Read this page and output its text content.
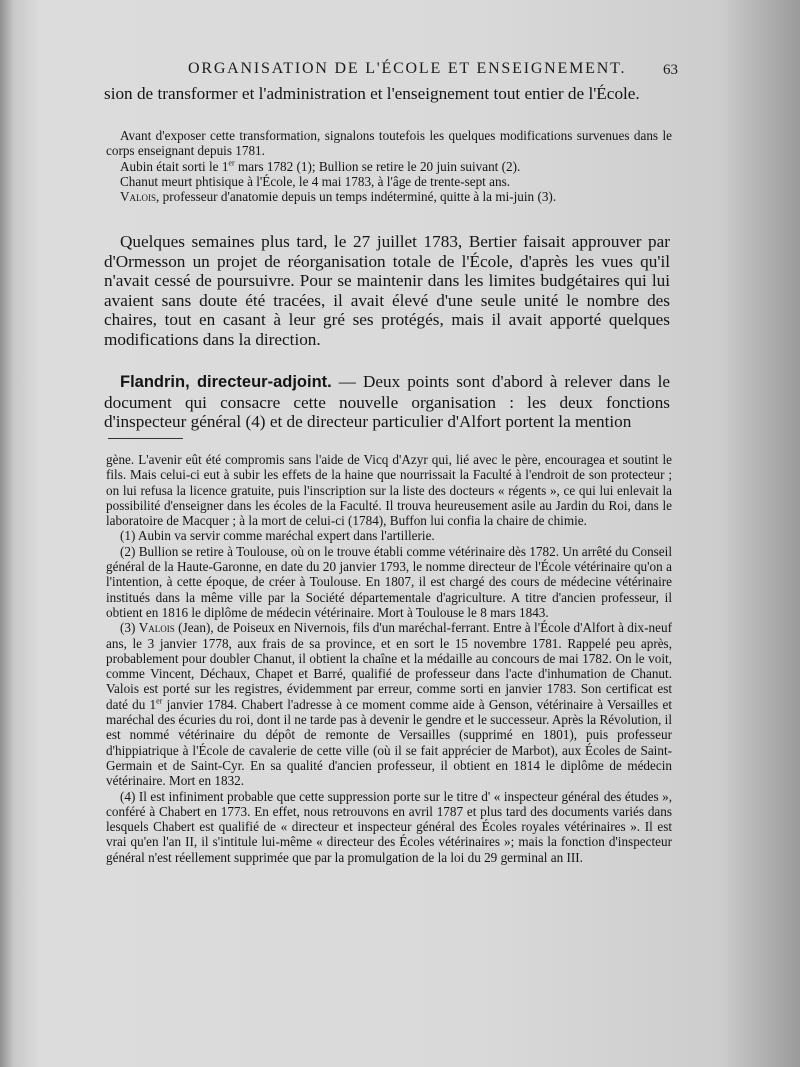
ORGANISATION DE L'ÉCOLE ET ENSEIGNEMENT. 63

sion de transformer et l'administration et l'enseignement tout entier de l'École.

Avant d'exposer cette transformation, signalons toutefois les quelques modifications survenues dans le corps enseignant depuis 1781.

Aubin était sorti le 1er mars 1782 (1); Bullion se retire le 20 juin suivant (2).

Chanut meurt phtisique à l'École, le 4 mai 1783, à l'âge de trente-sept ans.

Valois, professeur d'anatomie depuis un temps indéterminé, quitte à la mi-juin (3).

Quelques semaines plus tard, le 27 juillet 1783, Bertier faisait approuver par d'Ormesson un projet de réorganisation totale de l'École, d'après les vues qu'il n'avait cessé de poursuivre. Pour se maintenir dans les limites budgétaires qui lui avaient sans doute été tracées, il avait élevé d'une seule unité le nombre des chaires, tout en casant à leur gré ses protégés, mais il avait apporté quelques modifications dans la direction.

Flandrin, directeur-adjoint. — Deux points sont d'abord à relever dans le document qui consacre cette nouvelle organisation : les deux fonctions d'inspecteur général (4) et de directeur particulier d'Alfort portent la mention

gène. L'avenir eût été compromis sans l'aide de Vicq d'Azyr qui, lié avec le père, encouragea et soutint le fils. Mais celui-ci eut à subir les effets de la haine que nourrissait la Faculté à l'endroit de son protecteur ; on lui refusa la licence gratuite, puis l'inscription sur la liste des docteurs « régents », ce qui lui enlevait la possibilité d'enseigner dans les écoles de la Faculté. Il trouva heureusement asile au Jardin du Roi, dans le laboratoire de Macquer ; à la mort de celui-ci (1784), Buffon lui confia la chaire de chimie.

(1) Aubin va servir comme maréchal expert dans l'artillerie.

(2) Bullion se retire à Toulouse, où on le trouve établi comme vétérinaire dès 1782. Un arrêté du Conseil général de la Haute-Garonne, en date du 20 janvier 1793, le nomme directeur de l'École vétérinaire qu'on a l'intention, à cette époque, de créer à Toulouse. En 1807, il est chargé des cours de médecine vétérinaire institués dans la même ville par la Société départementale d'agriculture. A titre d'ancien professeur, il obtient en 1816 le diplôme de médecin vétérinaire. Mort à Toulouse le 8 mars 1843.

(3) Valois (Jean), de Poiseux en Nivernois, fils d'un maréchal-ferrant. Entre à l'École d'Alfort à dix-neuf ans, le 3 janvier 1778, aux frais de sa province, et en sort le 15 novembre 1781. Rappelé peu après, probablement pour doubler Chanut, il obtient la chaîne et la médaille au concours de mai 1782. On le voit, comme Vincent, Déchaux, Chapet et Barré, qualifié de professeur dans l'acte d'inhumation de Chanut. Valois est porté sur les registres, évidemment par erreur, comme sorti en janvier 1783. Son certificat est daté du 1er janvier 1784. Chabert l'adresse à ce moment comme aide à Genson, vétérinaire à Versailles et maréchal des écuries du roi, dont il ne tarde pas à devenir le gendre et le successeur. Après la Révolution, il est nommé vétérinaire du dépôt de remonte de Versailles (supprimé en 1801), puis professeur d'hippiatrique à l'École de cavalerie de cette ville (où il se fait apprécier de Marbot), aux Écoles de Saint-Germain et de Saint-Cyr. En sa qualité d'ancien professeur, il obtient en 1814 le diplôme de médecin vétérinaire. Mort en 1832.

(4) Il est infiniment probable que cette suppression porte sur le titre d' « inspecteur général des études », conféré à Chabert en 1773. En effet, nous retrouvons en avril 1787 et plus tard des documents variés dans lesquels Chabert est qualifié de « directeur et inspecteur général des Écoles royales vétérinaires ». Il est vrai qu'en l'an II, il s'intitule lui-même « directeur des Écoles vétérinaires »; mais la fonction d'inspecteur général n'est réellement supprimée que par la promulgation de la loi du 29 germinal an III.
